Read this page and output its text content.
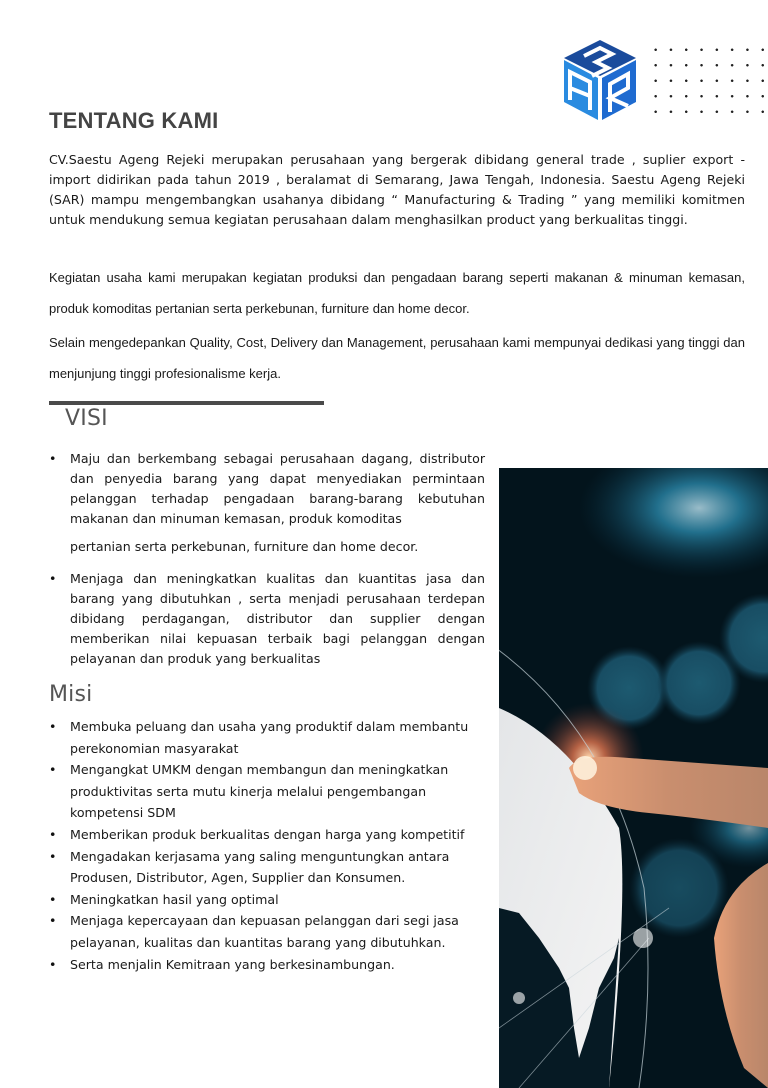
TENTANG KAMI

CV.Saestu Ageng Rejeki merupakan perusahaan yang bergerak dibidang general trade , suplier export - import didirikan pada tahun 2019 , beralamat di Semarang, Jawa Tengah, Indonesia. Saestu Ageng Rejeki (SAR) mampu mengembangkan usahanya dibidang “ Manufacturing & Trading ” yang memiliki komitmen untuk mendukung semua kegiatan perusahaan dalam menghasilkan product yang berkualitas tinggi.

Kegiatan usaha kami merupakan kegiatan produksi dan pengadaan barang seperti makanan & minuman kemasan, produk komoditas pertanian serta perkebunan, furniture dan home decor.

Selain mengedepankan Quality, Cost, Delivery dan Management, perusahaan kami mempunyai dedikasi yang tinggi dan menjunjung tinggi profesionalisme kerja.

VISI
• Maju dan berkembang sebagai perusahaan dagang, distributor dan penyedia barang yang dapat menyediakan permintaan pelanggan terhadap pengadaan barang-barang kebutuhan makanan dan minuman kemasan, produk komoditas
pertanian serta perkebunan, furniture dan home decor.
• Menjaga dan meningkatkan kualitas dan kuantitas jasa dan barang yang dibutuhkan , serta menjadi perusahaan terdepan dibidang perdagangan, distributor dan supplier dengan memberikan nilai kepuasan terbaik bagi pelanggan dengan pelayanan dan produk yang berkualitas
Misi
• Membuka peluang dan usaha yang produktif dalam membantu perekonomian masyarakat
• Mengangkat UMKM dengan membangun dan meningkatkan produktivitas serta mutu kinerja melalui pengembangan kompetensi SDM
• Memberikan produk berkualitas dengan harga yang kompetitif
• Mengadakan kerjasama yang saling menguntungkan antara Produsen, Distributor, Agen, Supplier dan Konsumen.
• Meningkatkan hasil yang optimal
• Menjaga kepercayaan dan kepuasan pelanggan dari segi jasa pelayanan, kualitas dan kuantitas barang yang dibutuhkan.
• Serta menjalin Kemitraan yang berkesinambungan.
